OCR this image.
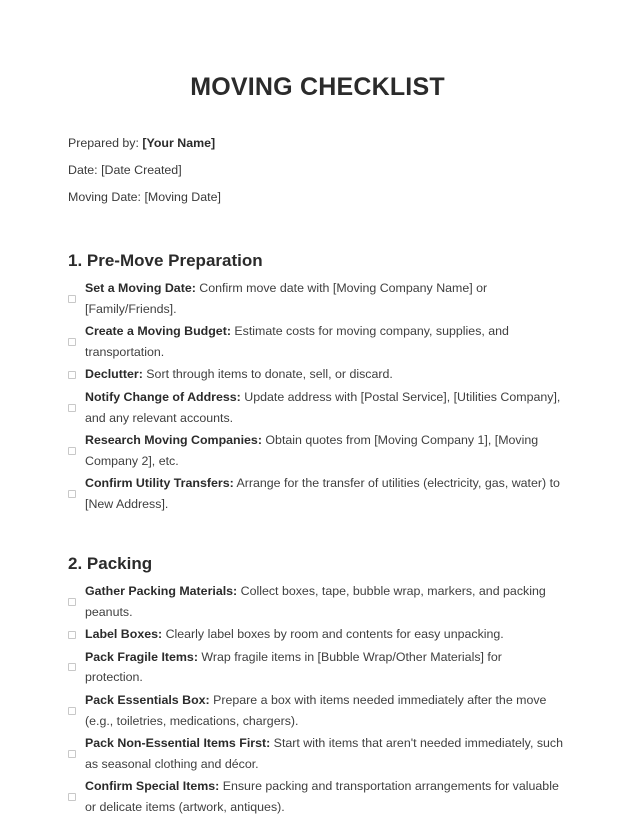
MOVING CHECKLIST
Prepared by: [Your Name]
Date: [Date Created]
Moving Date: [Moving Date]
1. Pre-Move Preparation
Set a Moving Date: Confirm move date with [Moving Company Name] or [Family/Friends].
Create a Moving Budget: Estimate costs for moving company, supplies, and transportation.
Declutter: Sort through items to donate, sell, or discard.
Notify Change of Address: Update address with [Postal Service], [Utilities Company], and any relevant accounts.
Research Moving Companies: Obtain quotes from [Moving Company 1], [Moving Company 2], etc.
Confirm Utility Transfers: Arrange for the transfer of utilities (electricity, gas, water) to [New Address].
2. Packing
Gather Packing Materials: Collect boxes, tape, bubble wrap, markers, and packing peanuts.
Label Boxes: Clearly label boxes by room and contents for easy unpacking.
Pack Fragile Items: Wrap fragile items in [Bubble Wrap/Other Materials] for protection.
Pack Essentials Box: Prepare a box with items needed immediately after the move (e.g., toiletries, medications, chargers).
Pack Non-Essential Items First: Start with items that aren't needed immediately, such as seasonal clothing and décor.
Confirm Special Items: Ensure packing and transportation arrangements for valuable or delicate items (artwork, antiques).
